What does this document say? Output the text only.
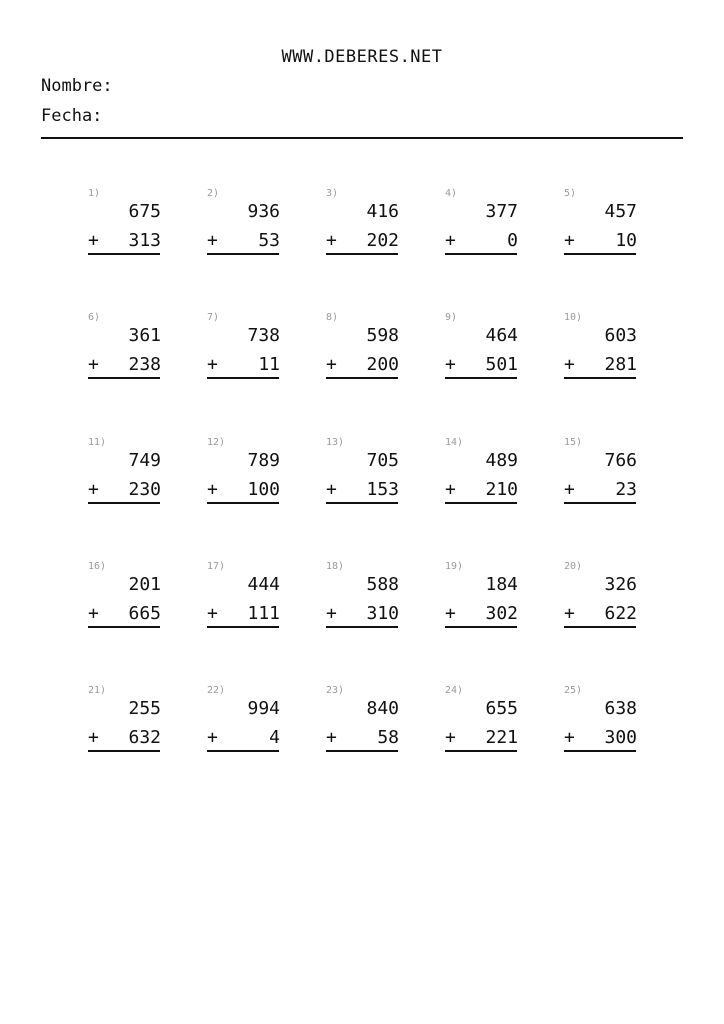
WWW.DEBERES.NET
Nombre:
Fecha:
1)
675
+ 313
2)
936
+ 53
3)
416
+ 202
4)
377
+	0
5)
457
+ 10
6)
361
+ 238
7)
738
+ 11
8)
598
+ 200
9)
464
+ 501
10)
603
+ 281
11)
749
+ 230
12)
789
+ 100
13)
705
+ 153
14)
489
+ 210
15)
766
+ 23
16)
201
+ 665
17)
444
+ 111
18)
588
+ 310
19)
184
+ 302
20)
326
+ 622
21)
255
+ 632
22)
994
+	4
23)
840
+ 58
24)
655
+ 221
25)
638
+ 300
